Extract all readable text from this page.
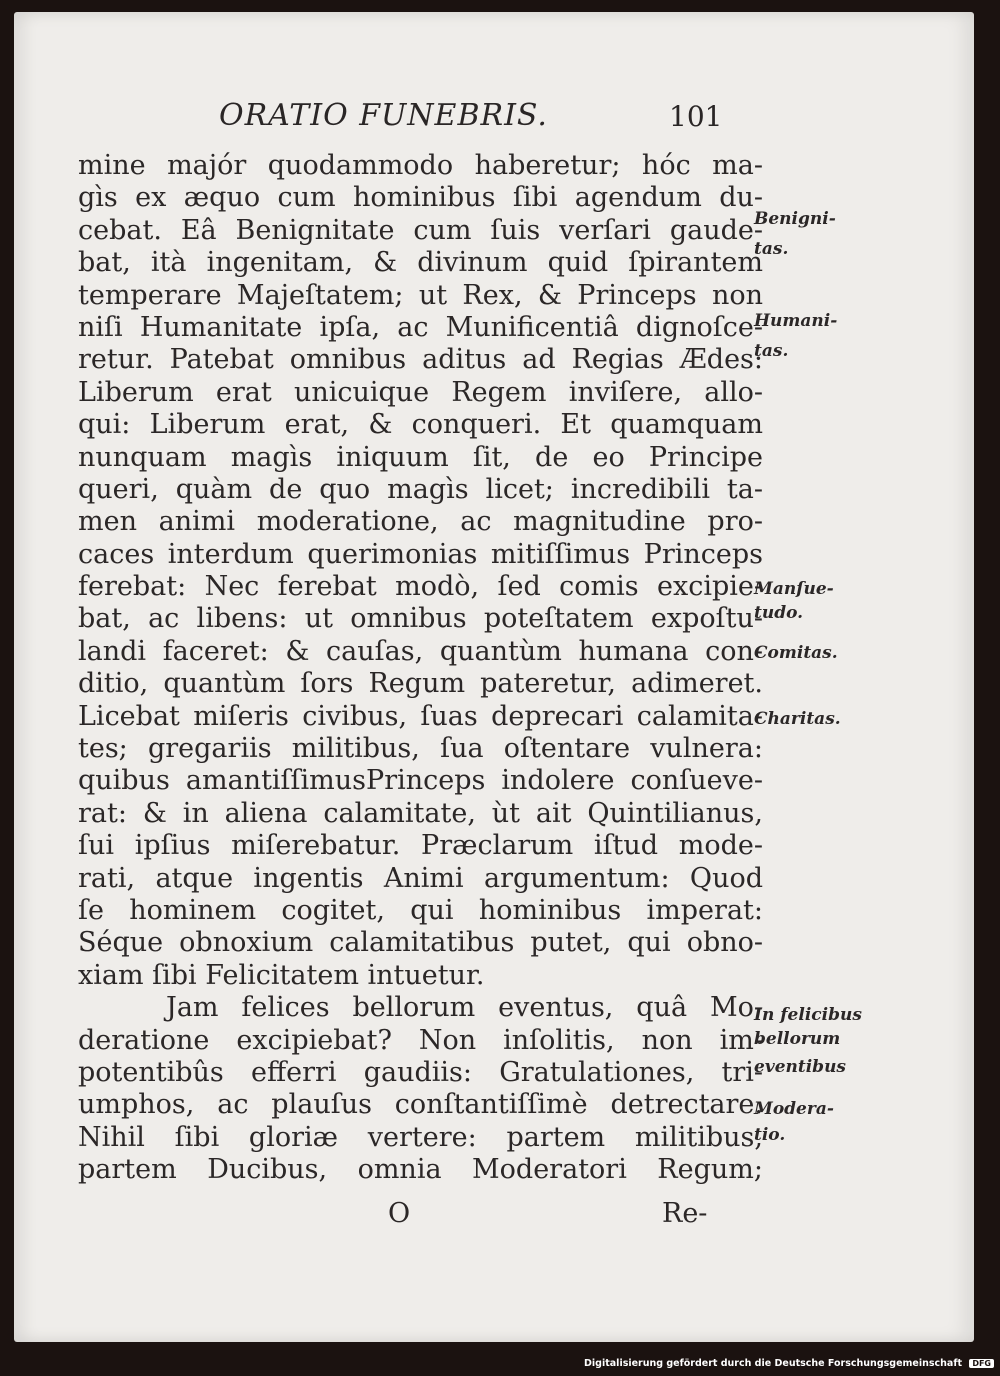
ORATIO FUNEBRIS.	101
mine majór quodammodo haberetur; hóc ma-
gìs ex æquo cum hominibus ſibi agendum du-
cebat. Eâ Benignitate cum ſuis verſari gaude-
bat, ità ingenitam, & divinum quid ſpirantem
temperare Majeſtatem; ut Rex, & Princeps non
niſi Humanitate ipſa, ac Munificentiâ dignoſce-
retur. Patebat omnibus aditus ad Regias Ædes:
Liberum erat unicuique Regem inviſere, allo-
qui: Liberum erat, & conqueri. Et quamquam
nunquam magìs iniquum ſit, de eo Principe
queri, quàm de quo magìs licet; incredibili ta-
men animi moderatione, ac magnitudine pro-
caces interdum querimonias mitiſſimus Princeps
ferebat: Nec ferebat modò, ſed comis excipie-
bat, ac libens: ut omnibus poteſtatem expoſtu-
landi faceret: & cauſas, quantùm humana con-
ditio, quantùm ſors Regum pateretur, adimeret.
Licebat miſeris civibus, ſuas deprecari calamita-
tes; gregariis militibus, ſua oſtentare vulnera:
quibus amantiſſimusPrinceps indolere conſueve-
rat: & in aliena calamitate, ùt ait Quintilianus,
ſui ipſius miſerebatur. Præclarum iſtud mode-
rati, atque ingentis Animi argumentum: Quod
ſe hominem cogitet, qui hominibus imperat:
Séque obnoxium calamitatibus putet, qui obno-
xiam ſibi Felicitatem intuetur.
Jam felices bellorum eventus, quâ Mo-
deratione excipiebat? Non inſolitis, non im-
potentibûs efferri gaudiis: Gratulationes, tri-
umphos, ac plauſus conſtantiſſimè detrectare.
Nihil ſibi gloriæ vertere: partem militibus,
partem Ducibus, omnia Moderatori Regum;
Benigni-
tas.
Humani-
tas.
Manſue-
tudo.
Comitas.
Charitas.
In felicibus
bellorum
eventibus
Modera-
tio.
O	Re-
Digitalisierung gefördert durch die Deutsche Forschungsgemeinschaft DFG
